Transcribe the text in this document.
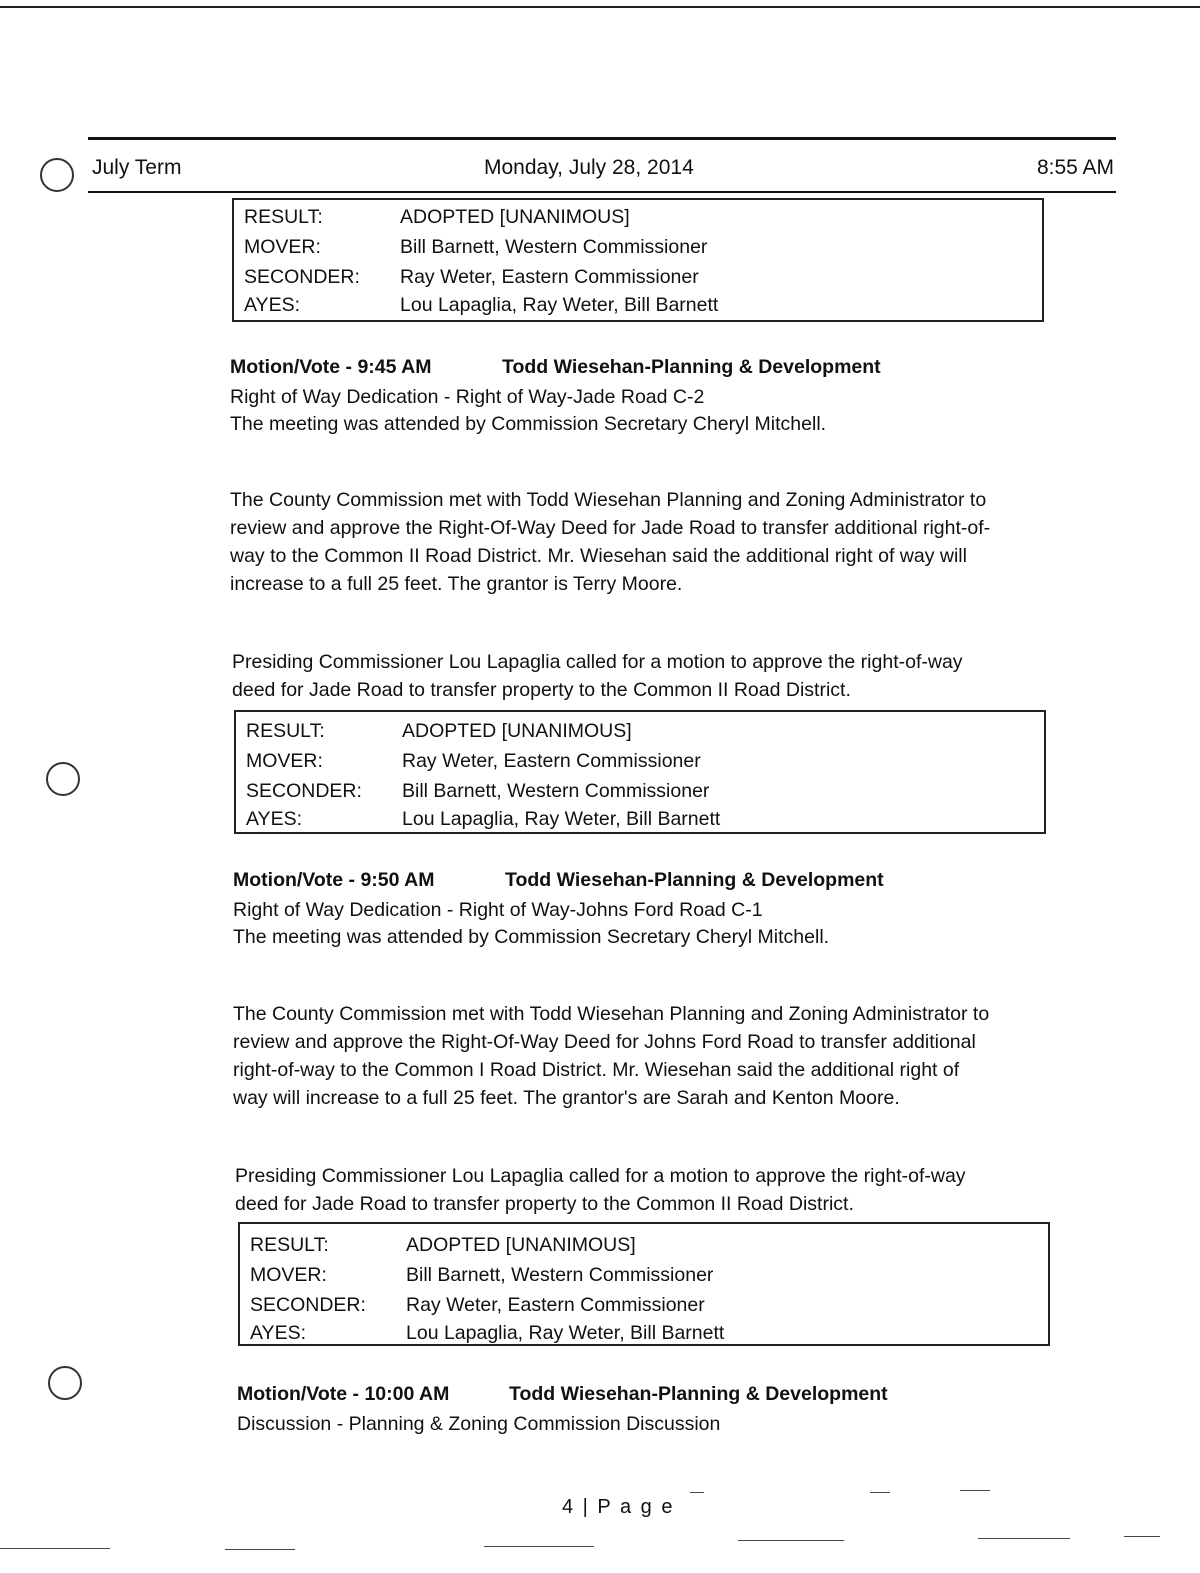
July Term	Monday, July 28, 2014	8:55 AM
RESULT:	ADOPTED [UNANIMOUS]
MOVER:	Bill Barnett, Western Commissioner
SECONDER: Ray Weter, Eastern Commissioner
AYES:	Lou Lapaglia, Ray Weter, Bill Barnett
Motion/Vote - 9:45 AM	Todd Wiesehan-Planning & Development
Right of Way Dedication - Right of Way-Jade Road C-2
The meeting was attended by Commission Secretary Cheryl Mitchell.
The County Commission met with Todd Wiesehan Planning and Zoning Administrator to
review and approve the Right-Of-Way Deed for Jade Road to transfer additional right-of-
way to the Common II Road District. Mr. Wiesehan said the additional right of way will
increase to a full 25 feet. The grantor is Terry Moore.
Presiding Commissioner Lou Lapaglia called for a motion to approve the right-of-way
deed for Jade Road to transfer property to the Common II Road District.
RESULT:	ADOPTED [UNANIMOUS]
MOVER:	Ray Weter, Eastern Commissioner
SECONDER: Bill Barnett, Western Commissioner
AYES:	Lou Lapaglia, Ray Weter, Bill Barnett
Motion/Vote - 9:50 AM	Todd Wiesehan-Planning & Development
Right of Way Dedication - Right of Way-Johns Ford Road C-1
The meeting was attended by Commission Secretary Cheryl Mitchell.
The County Commission met with Todd Wiesehan Planning and Zoning Administrator to
review and approve the Right-Of-Way Deed for Johns Ford Road to transfer additional
right-of-way to the Common I Road District. Mr. Wiesehan said the additional right of
way will increase to a full 25 feet. The grantor's are Sarah and Kenton Moore.
Presiding Commissioner Lou Lapaglia called for a motion to approve the right-of-way
deed for Jade Road to transfer property to the Common II Road District.
RESULT:	ADOPTED [UNANIMOUS]
MOVER:	Bill Barnett, Western Commissioner
SECONDER: Ray Weter, Eastern Commissioner
AYES:	Lou Lapaglia, Ray Weter, Bill Barnett
Motion/Vote - 10:00 AM	Todd Wiesehan-Planning & Development
Discussion - Planning & Zoning Commission Discussion
4 | P a g e
